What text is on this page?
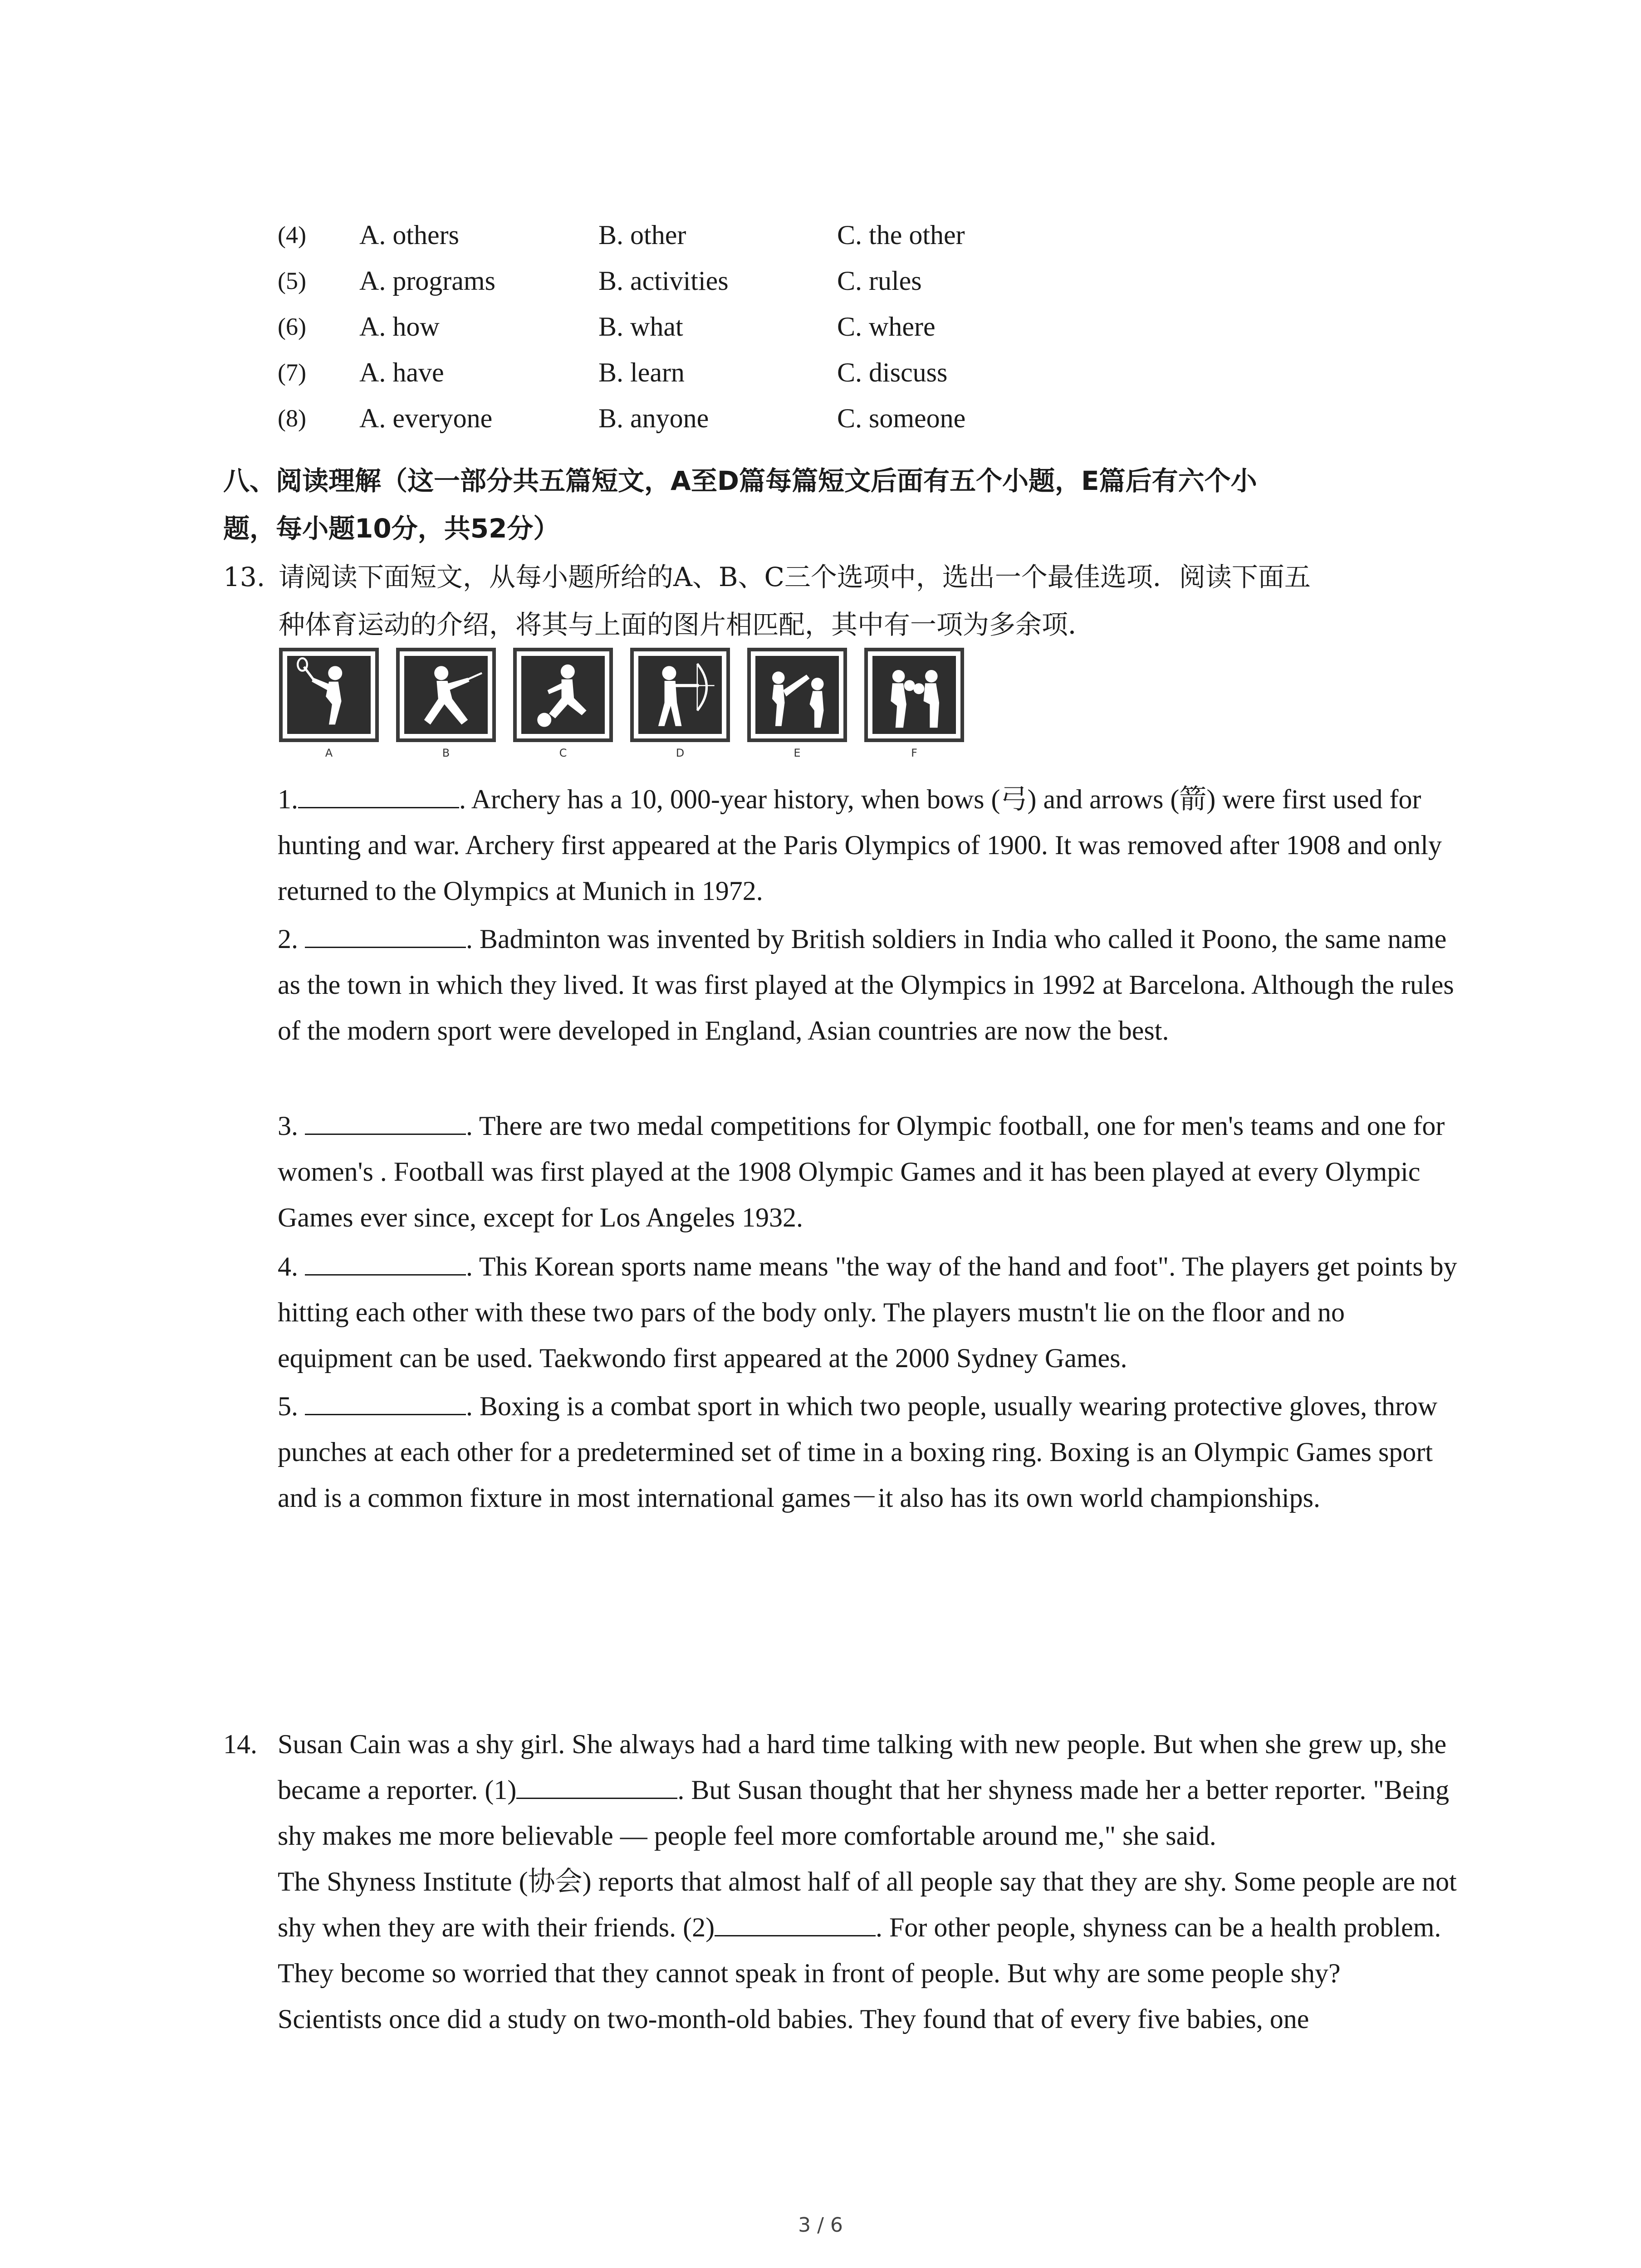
(4) A. others	B. other	C. the other
(5) A. programs	B. activities	C. rules
(6) A. how	B. what	C. where
(7) A. have	B. learn	C. discuss
(8) A. everyone	B. anyone	C. someone
八、阅读理解（这一部分共五篇短文，A至D篇每篇短文后面有五个小题，E篇后有六个小
题，每小题10分，共52分）
13. 请阅读下面短文，从每小题所给的A、B、C三个选项中，选出一个最佳选项．阅读下面五
种体育运动的介绍，将其与上面的图片相匹配，其中有一项为多余项．
A	B	C	D	E	F

1.	. Archery has a 10, 000-year history, when bows (弓) and arrows (箭) were first used for hunting and war. Archery first appeared at the Paris Olympics of 1900. It was removed after 1908 and only returned to the Olympics at Munich in 1972.

2.	. Badminton was invented by British soldiers in India who called it Poono, the same name as the town in which they lived. It was first played at the Olympics in 1992 at Barcelona. Although the rules of the modern sport were developed in England, Asian countries are now the best.

3.	. There are two medal competitions for Olympic football, one for men's teams and one for women's . Football was first played at the 1908 Olympic Games and it has been played at every Olympic Games ever since, except for Los Angeles 1932.

4.	. This Korean sports name means "the way of the hand and foot". The players get points by hitting each other with these two pars of the body only. The players mustn't lie on the floor and no equipment can be used. Taekwondo first appeared at the 2000 Sydney Games.

5.	. Boxing is a combat sport in which two people, usually wearing protective gloves, throw punches at each other for a predetermined set of time in a boxing ring. Boxing is an Olympic Games sport and is a common fixture in most international games－it also has its own world championships.

14. Susan Cain was a shy girl. She always had a hard time talking with new people. But when she grew up, she became a reporter. (1)	. But Susan thought that her shyness made her a better reporter. "Being shy makes me more believable — people feel more comfortable around me," she said.

The Shyness Institute (协会) reports that almost half of all people say that they are shy. Some people are not shy when they are with their friends. (2)	. For other people, shyness can be a health problem. They become so worried that they cannot speak in front of people. But why are some people shy?

Scientists once did a study on two-month-old babies. They found that of every five babies, one

3 / 6
